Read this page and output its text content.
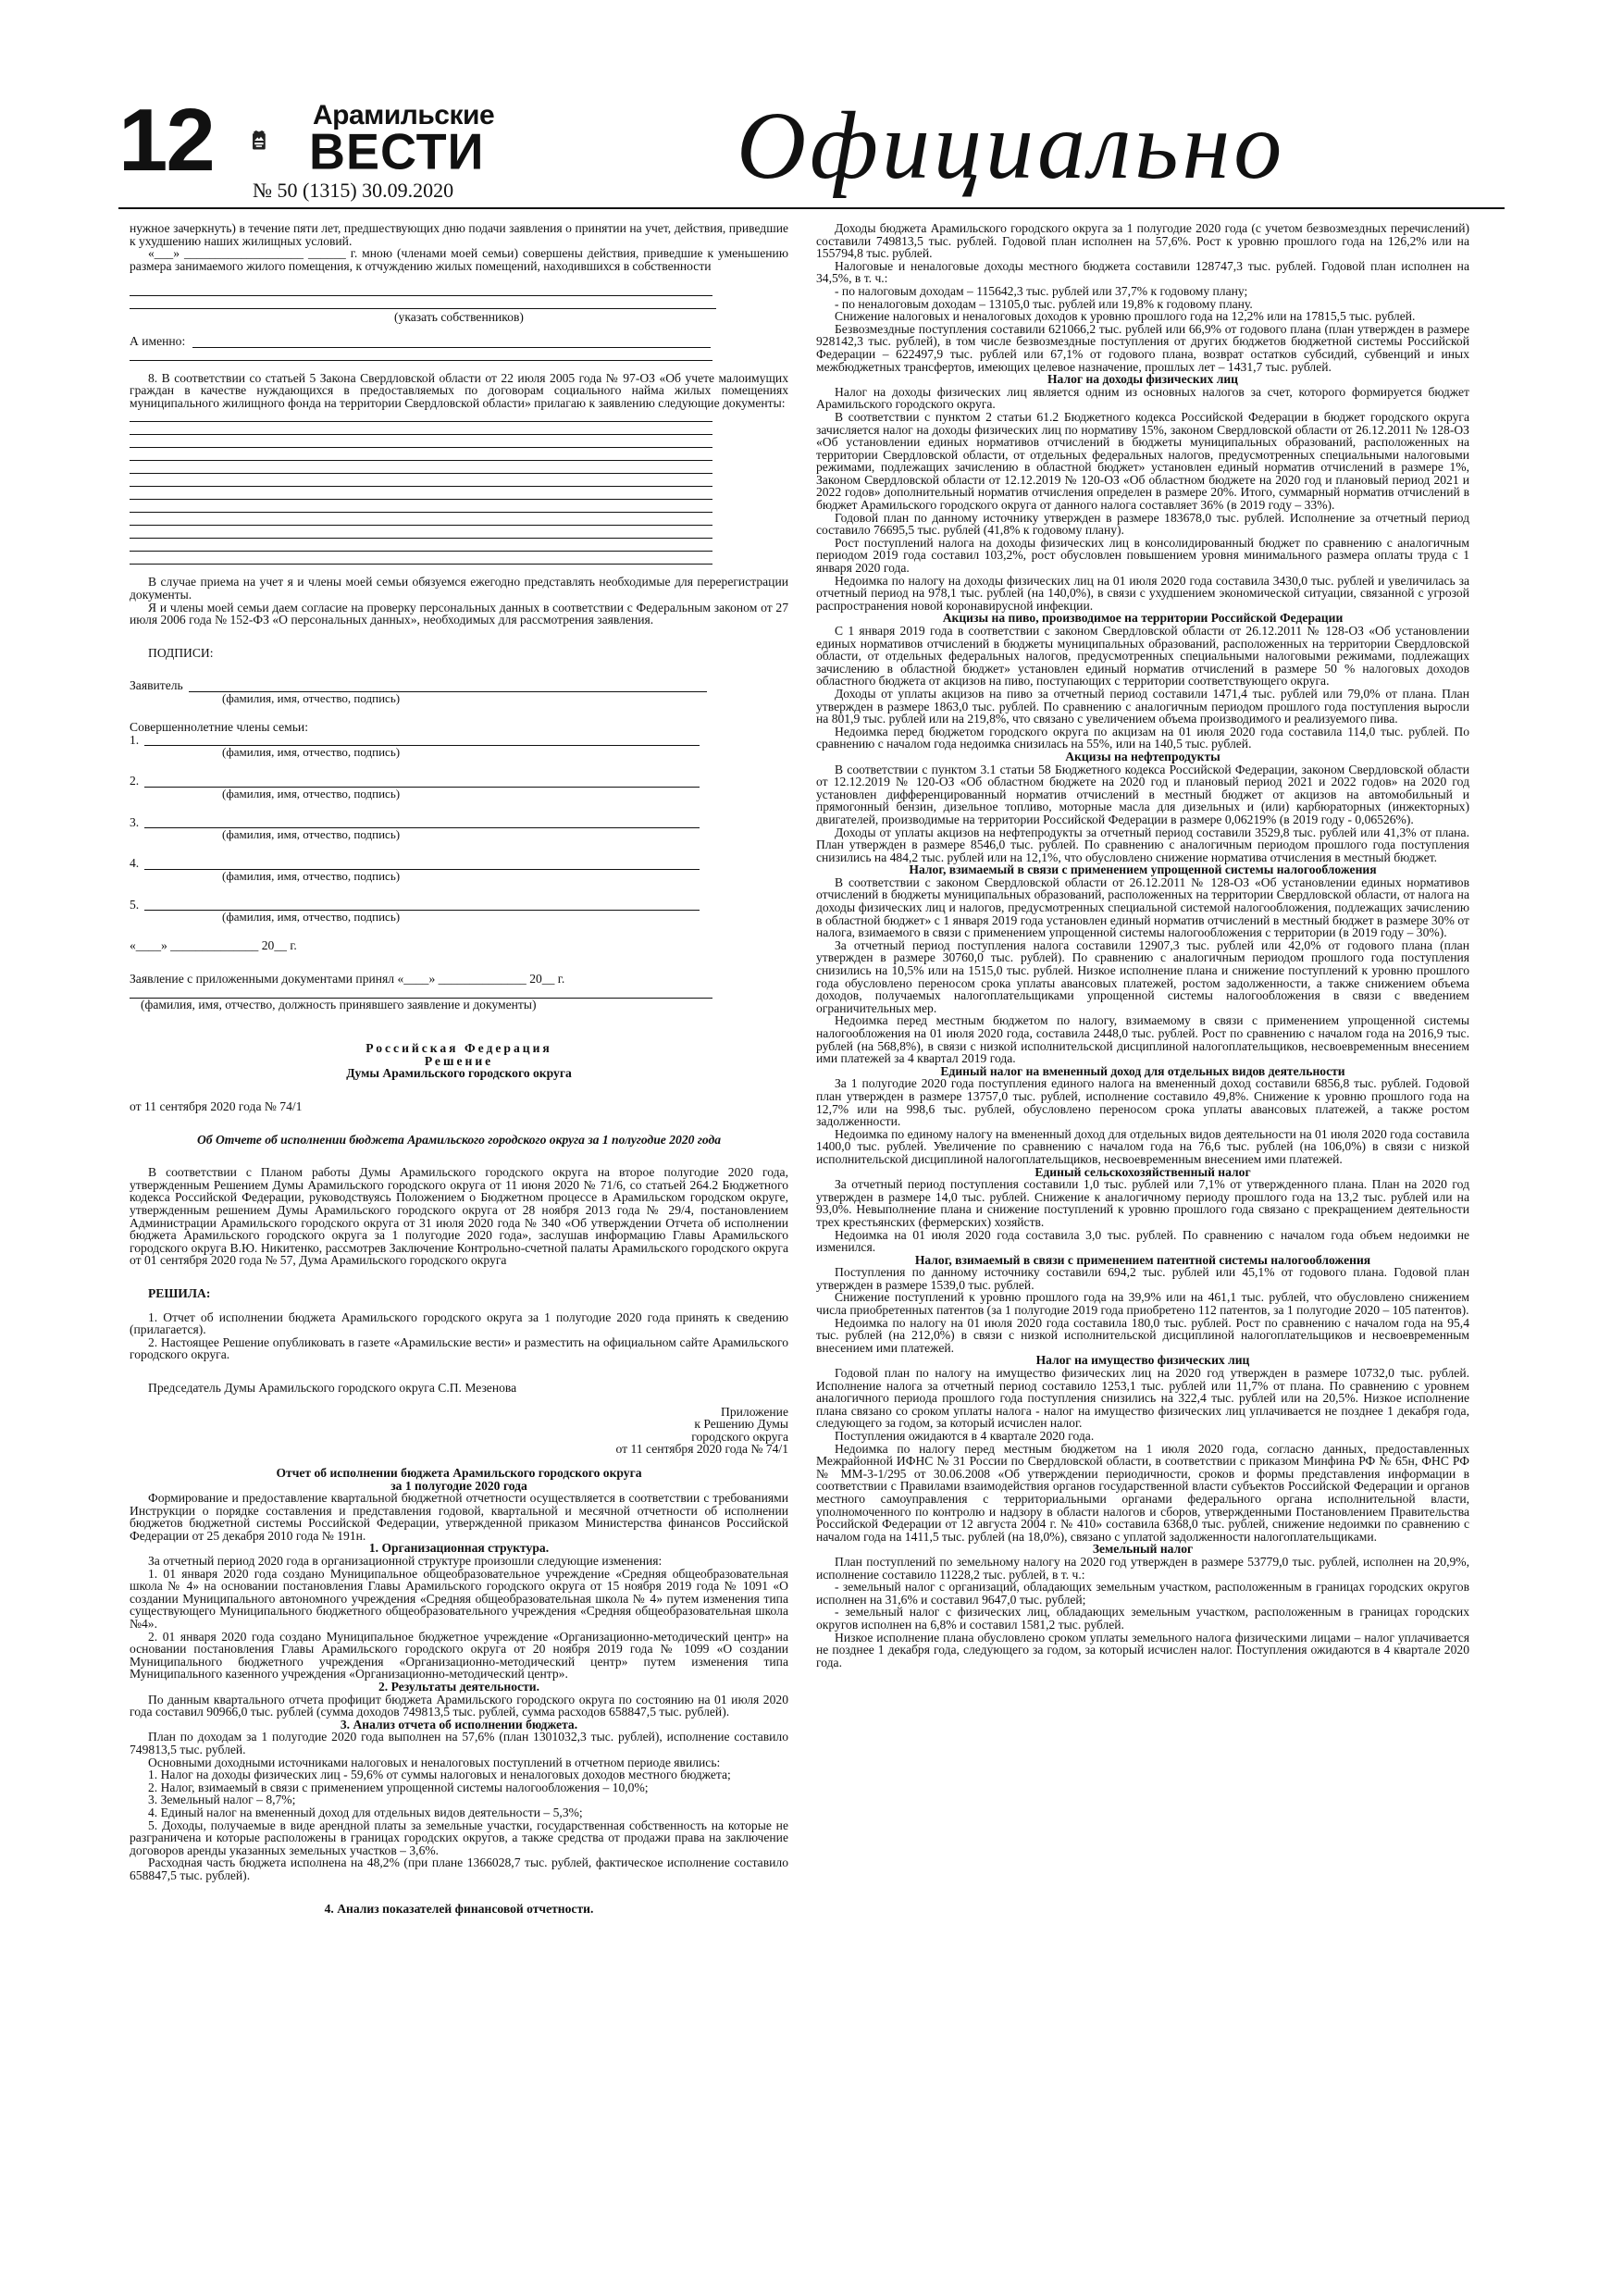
12	Арамильские
ВЕСТИ
№ 50 (1315) 30.09.2020	Официально

нужное зачеркнуть) в течение пяти лет, предшествующих дню подачи заявления о принятии на учет, действия, приведшие к ухудшению наших жилищных условий.

«___» ___________________ ______ г. мною (членами моей семьи) совершены действия, приведшие к уменьшению размера занимаемого жилого помещения, к отчуждению жилых помещений, находившихся в собственности

(указать собственников)

А именно:

8. В соответствии со статьей 5 Закона Свердловской области от 22 июля 2005 года № 97-ОЗ «Об учете малоимущих граждан в качестве нуждающихся в предоставляемых по договорам социального найма жилых помещениях муниципального жилищного фонда на территории Свердловской области» прилагаю к заявлению следующие документы:

В случае приема на учет я и члены моей семьи обязуемся ежегодно представлять необходимые для перерегистрации документы.

Я и члены моей семьи даем согласие на проверку персональных данных в соответствии с Федеральным законом от 27 июля 2006 года № 152-ФЗ «О персональных данных», необходимых для рассмотрения заявления.

ПОДПИСИ:

Заявитель
(фамилия, имя, отчество, подпись)

Совершеннолетние члены семьи:

1.
(фамилия, имя, отчество, подпись)
2.
(фамилия, имя, отчество, подпись)
3.
(фамилия, имя, отчество, подпись)
4.
(фамилия, имя, отчество, подпись)
5.
(фамилия, имя, отчество, подпись)

«____» ______________ 20__ г.

Заявление с приложенными документами принял «____» ______________ 20__ г.

(фамилия, имя, отчество, должность принявшего заявление и документы)

Российская Федерация

Решение

Думы Арамильского городского округа

от 11 сентября 2020 года № 74/1

Об Отчете об исполнении бюджета Арамильского городского округа за 1 полугодие 2020 года

В соответствии с Планом работы Думы Арамильского городского округа на второе полугодие 2020 года, утвержденным Решением Думы Арамильского городского округа от 11 июня 2020 № 71/6, со статьей 264.2 Бюджетного кодекса Российской Федерации, руководствуясь Положением о Бюджетном процессе в Арамильском городском округе, утвержденным решением Думы Арамильского городского округа от 28 ноября 2013 года № 29/4, постановлением Администрации Арамильского городского округа от 31 июля 2020 года № 340 «Об утверждении Отчета об исполнении бюджета Арамильского городского округа за 1 полугодие 2020 года», заслушав информацию Главы Арамильского городского округа В.Ю. Никитенко, рассмотрев Заключение Контрольно-счетной палаты Арамильского городского округа от 01 сентября 2020 года № 57, Дума Арамильского городского округа

РЕШИЛА:

1. Отчет об исполнении бюджета Арамильского городского округа за 1 полугодие 2020 года принять к сведению (прилагается).

2. Настоящее Решение опубликовать в газете «Арамильские вести» и разместить на официальном сайте Арамильского городского округа.

Председатель Думы Арамильского городского округа С.П. Мезенова

Приложение

к Решению Думы

городского округа

от 11 сентября 2020 года № 74/1

Отчет об исполнении бюджета Арамильского городского округа

за 1 полугодие 2020 года

Формирование и предоставление квартальной бюджетной отчетности осуществляется в соответствии с требованиями Инструкции о порядке составления и представления годовой, квартальной и месячной отчетности об исполнении бюджетов бюджетной системы Российской Федерации, утвержденной приказом Министерства финансов Российской Федерации от 25 декабря 2010 года № 191н.

1. Организационная структура.

За отчетный период 2020 года в организационной структуре произошли следующие изменения:

1. 01 января 2020 года создано Муниципальное общеобразовательное учреждение «Средняя общеобразовательная школа № 4» на основании постановления Главы Арамильского городского округа от 15 ноября 2019 года № 1091 «О создании Муниципального автономного учреждения «Средняя общеобразовательная школа № 4» путем изменения типа существующего Муниципального бюджетного общеобразовательного учреждения «Средняя общеобразовательная школа №4».

2. 01 января 2020 года создано Муниципальное бюджетное учреждение «Организационно-методический центр» на основании постановления Главы Арамильского городского округа от 20 ноября 2019 года № 1099 «О создании Муниципального бюджетного учреждения «Организационно-методический центр» путем изменения типа Муниципального казенного учреждения «Организационно-методический центр».

2. Результаты деятельности.

По данным квартального отчета профицит бюджета Арамильского городского округа по состоянию на 01 июля 2020 года составил 90966,0 тыс. рублей (сумма доходов 749813,5 тыс. рублей, сумма расходов 658847,5 тыс. рублей).

3. Анализ отчета об исполнении бюджета.

План по доходам за 1 полугодие 2020 года выполнен на 57,6% (план 1301032,3 тыс. рублей), исполнение составило 749813,5 тыс. рублей.

Основными доходными источниками налоговых и неналоговых поступлений в отчетном периоде явились:

1. Налог на доходы физических лиц - 59,6% от суммы налоговых и неналоговых доходов местного бюджета;

2. Налог, взимаемый в связи с применением упрощенной системы налогообложения – 10,0%;

3. Земельный налог – 8,7%;

4. Единый налог на вмененный доход для отдельных видов деятельности – 5,3%;

5. Доходы, получаемые в виде арендной платы за земельные участки, государственная собственность на которые не разграничена и которые расположены в границах городских округов, а также средства от продажи права на заключение договоров аренды указанных земельных участков – 3,6%.

Расходная часть бюджета исполнена на 48,2% (при плане 1366028,7 тыс. рублей, фактическое исполнение составило 658847,5 тыс. рублей).

4. Анализ показателей финансовой отчетности.

Доходы бюджета Арамильского городского округа за 1 полугодие 2020 года (с учетом безвозмездных перечислений) составили 749813,5 тыс. рублей. Годовой план исполнен на 57,6%. Рост к уровню прошлого года на 126,2% или на 155794,8 тыс. рублей.

Налоговые и неналоговые доходы местного бюджета составили 128747,3 тыс. рублей. Годовой план исполнен на 34,5%, в т. ч.:

- по налоговым доходам – 115642,3 тыс. рублей или 37,7% к годовому плану;

- по неналоговым доходам – 13105,0 тыс. рублей или 19,8% к годовому плану.

Снижение налоговых и неналоговых доходов к уровню прошлого года на 12,2% или на 17815,5 тыс. рублей.

Безвозмездные поступления составили 621066,2 тыс. рублей или 66,9% от годового плана (план утвержден в размере 928142,3 тыс. рублей), в том числе безвозмездные поступления от других бюджетов бюджетной системы Российской Федерации – 622497,9 тыс. рублей или 67,1% от годового плана, возврат остатков субсидий, субвенций и иных межбюджетных трансфертов, имеющих целевое назначение, прошлых лет – 1431,7 тыс. рублей.

Налог на доходы физических лиц

Налог на доходы физических лиц является одним из основных налогов за счет, которого формируется бюджет Арамильского городского округа.

В соответствии с пунктом 2 статьи 61.2 Бюджетного кодекса Российской Федерации в бюджет городского округа зачисляется налог на доходы физических лиц по нормативу 15%, законом Свердловской области от 26.12.2011 № 128-ОЗ «Об установлении единых нормативов отчислений в бюджеты муниципальных образований, расположенных на территории Свердловской области, от отдельных федеральных налогов, предусмотренных специальными налоговыми режимами, подлежащих зачислению в областной бюджет» установлен единый норматив отчислений в размере 1%, Законом Свердловской области от 12.12.2019 № 120-ОЗ «Об областном бюджете на 2020 год и плановый период 2021 и 2022 годов» дополнительный норматив отчисления определен в размере 20%. Итого, суммарный норматив отчислений в бюджет Арамильского городского округа от данного налога составляет 36% (в 2019 году – 33%).

Годовой план по данному источнику утвержден в размере 183678,0 тыс. рублей. Исполнение за отчетный период составило 76695,5 тыс. рублей (41,8% к годовому плану).

Рост поступлений налога на доходы физических лиц в консолидированный бюджет по сравнению с аналогичным периодом 2019 года составил 103,2%, рост обусловлен повышением уровня минимального размера оплаты труда с 1 января 2020 года.

Недоимка по налогу на доходы физических лиц на 01 июля 2020 года составила 3430,0 тыс. рублей и увеличилась за отчетный период на 978,1 тыс. рублей (на 140,0%), в связи с ухудшением экономической ситуации, связанной с угрозой распространения новой коронавирусной инфекции.

Акцизы на пиво, производимое на территории Российской Федерации

С 1 января 2019 года в соответствии с законом Свердловской области от 26.12.2011 № 128-ОЗ «Об установлении единых нормативов отчислений в бюджеты муниципальных образований, расположенных на территории Свердловской области, от отдельных федеральных налогов, предусмотренных специальными налоговыми режимами, подлежащих зачислению в областной бюджет» установлен единый норматив отчислений в размере 50 % налоговых доходов областного бюджета от акцизов на пиво, поступающих с территории соответствующего округа.

Доходы от уплаты акцизов на пиво за отчетный период составили 1471,4 тыс. рублей или 79,0% от плана. План утвержден в размере 1863,0 тыс. рублей. По сравнению с аналогичным периодом прошлого года поступления выросли на 801,9 тыс. рублей или на 219,8%, что связано с увеличением объема производимого и реализуемого пива.

Недоимка перед бюджетом городского округа по акцизам на 01 июля 2020 года составила 114,0 тыс. рублей. По сравнению с началом года недоимка снизилась на 55%, или на 140,5 тыс. рублей.

Акцизы на нефтепродукты

В соответствии с пунктом 3.1 статьи 58 Бюджетного кодекса Российской Федерации, законом Свердловской области от 12.12.2019 № 120-ОЗ «Об областном бюджете на 2020 год и плановый период 2021 и 2022 годов» на 2020 год установлен дифференцированный норматив отчислений в местный бюджет от акцизов на автомобильный и прямогонный бензин, дизельное топливо, моторные масла для дизельных и (или) карбюраторных (инжекторных) двигателей, производимые на территории Российской Федерации в размере 0,06219% (в 2019 году - 0,06526%).

Доходы от уплаты акцизов на нефтепродукты за отчетный период составили 3529,8 тыс. рублей или 41,3% от плана. План утвержден в размере 8546,0 тыс. рублей. По сравнению с аналогичным периодом прошлого года поступления снизились на 484,2 тыс. рублей или на 12,1%, что обусловлено снижение норматива отчисления в местный бюджет.

Налог, взимаемый в связи с применением упрощенной системы налогообложения

В соответствии с законом Свердловской области от 26.12.2011 № 128-ОЗ «Об установлении единых нормативов отчислений в бюджеты муниципальных образований, расположенных на территории Свердловской области, от налога на доходы физических лиц и налогов, предусмотренных специальной системой налогообложения, подлежащих зачислению в областной бюджет» с 1 января 2019 года установлен единый норматив отчислений в местный бюджет в размере 30% от налога, взимаемого в связи с применением упрощенной системы налогообложения с территории (в 2019 году – 30%).

За отчетный период поступления налога составили 12907,3 тыс. рублей или 42,0% от годового плана (план утвержден в размере 30760,0 тыс. рублей). По сравнению с аналогичным периодом прошлого года поступления снизились на 10,5% или на 1515,0 тыс. рублей. Низкое исполнение плана и снижение поступлений к уровню прошлого года обусловлено переносом срока уплаты авансовых платежей, ростом задолженности, а также снижением объема доходов, получаемых налогоплательщиками упрощенной системы налогообложения в связи с введением ограничительных мер.

Недоимка перед местным бюджетом по налогу, взимаемому в связи с применением упрощенной системы налогообложения на 01 июля 2020 года, составила 2448,0 тыс. рублей. Рост по сравнению с началом года на 2016,9 тыс. рублей (на 568,8%), в связи с низкой исполнительской дисциплиной налогоплательщиков, несвоевременным внесением ими платежей за 4 квартал 2019 года.

Единый налог на вмененный доход для отдельных видов деятельности

За 1 полугодие 2020 года поступления единого налога на вмененный доход составили 6856,8 тыс. рублей. Годовой план утвержден в размере 13757,0 тыс. рублей, исполнение составило 49,8%. Снижение к уровню прошлого года на 12,7% или на 998,6 тыс. рублей, обусловлено переносом срока уплаты авансовых платежей, а также ростом задолженности.

Недоимка по единому налогу на вмененный доход для отдельных видов деятельности на 01 июля 2020 года составила 1400,0 тыс. рублей. Увеличение по сравнению с началом года на 76,6 тыс. рублей (на 106,0%) в связи с низкой исполнительской дисциплиной налогоплательщиков, несвоевременным внесением ими платежей.

Единый сельскохозяйственный налог

За отчетный период поступления составили 1,0 тыс. рублей или 7,1% от утвержденного плана. План на 2020 год утвержден в размере 14,0 тыс. рублей. Снижение к аналогичному периоду прошлого года на 13,2 тыс. рублей или на 93,0%. Невыполнение плана и снижение поступлений к уровню прошлого года связано с прекращением деятельности трех крестьянских (фермерских) хозяйств.

Недоимка на 01 июля 2020 года составила 3,0 тыс. рублей. По сравнению с началом года объем недоимки не изменился.

Налог, взимаемый в связи с применением патентной системы налогообложения

Поступления по данному источнику составили 694,2 тыс. рублей или 45,1% от годового плана. Годовой план утвержден в размере 1539,0 тыс. рублей.

Снижение поступлений к уровню прошлого года на 39,9% или на 461,1 тыс. рублей, что обусловлено снижением числа приобретенных патентов (за 1 полугодие 2019 года приобретено 112 патентов, за 1 полугодие 2020 – 105 патентов).

Недоимка по налогу на 01 июля 2020 года составила 180,0 тыс. рублей. Рост по сравнению с началом года на 95,4 тыс. рублей (на 212,0%) в связи с низкой исполнительской дисциплиной налогоплательщиков и несвоевременным внесением ими платежей.

Налог на имущество физических лиц

Годовой план по налогу на имущество физических лиц на 2020 год утвержден в размере 10732,0 тыс. рублей. Исполнение налога за отчетный период составило 1253,1 тыс. рублей или 11,7% от плана. По сравнению с уровнем аналогичного периода прошлого года поступления снизились на 322,4 тыс. рублей или на 20,5%. Низкое исполнение плана связано со сроком уплаты налога - налог на имущество физических лиц уплачивается не позднее 1 декабря года, следующего за годом, за который исчислен налог.

Поступления ожидаются в 4 квартале 2020 года.

Недоимка по налогу перед местным бюджетом на 1 июля 2020 года, согласно данных, предоставленных Межрайонной ИФНС № 31 России по Свердловской области, в соответствии с приказом Минфина РФ № 65н, ФНС РФ № ММ-3-1/295 от 30.06.2008 «Об утверждении периодичности, сроков и формы представления информации в соответствии с Правилами взаимодействия органов государственной власти субъектов Российской Федерации и органов местного самоуправления с территориальными органами федерального органа исполнительной власти, уполномоченного по контролю и надзору в области налогов и сборов, утвержденными Постановлением Правительства Российской Федерации от 12 августа 2004 г. № 410» составила 6368,0 тыс. рублей, снижение недоимки по сравнению с началом года на 1411,5 тыс. рублей (на 18,0%), связано с уплатой задолженности налогоплательщиками.

Земельный налог

План поступлений по земельному налогу на 2020 год утвержден в размере 53779,0 тыс. рублей, исполнен на 20,9%, исполнение составило 11228,2 тыс. рублей, в т. ч.:

- земельный налог с организаций, обладающих земельным участком, расположенным в границах городских округов исполнен на 31,6% и составил 9647,0 тыс. рублей;

- земельный налог с физических лиц, обладающих земельным участком, расположенным в границах городских округов исполнен на 6,8% и составил 1581,2 тыс. рублей.

Низкое исполнение плана обусловлено сроком уплаты земельного налога физическими лицами – налог уплачивается не позднее 1 декабря года, следующего за годом, за который исчислен налог. Поступления ожидаются в 4 квартале 2020 года.
